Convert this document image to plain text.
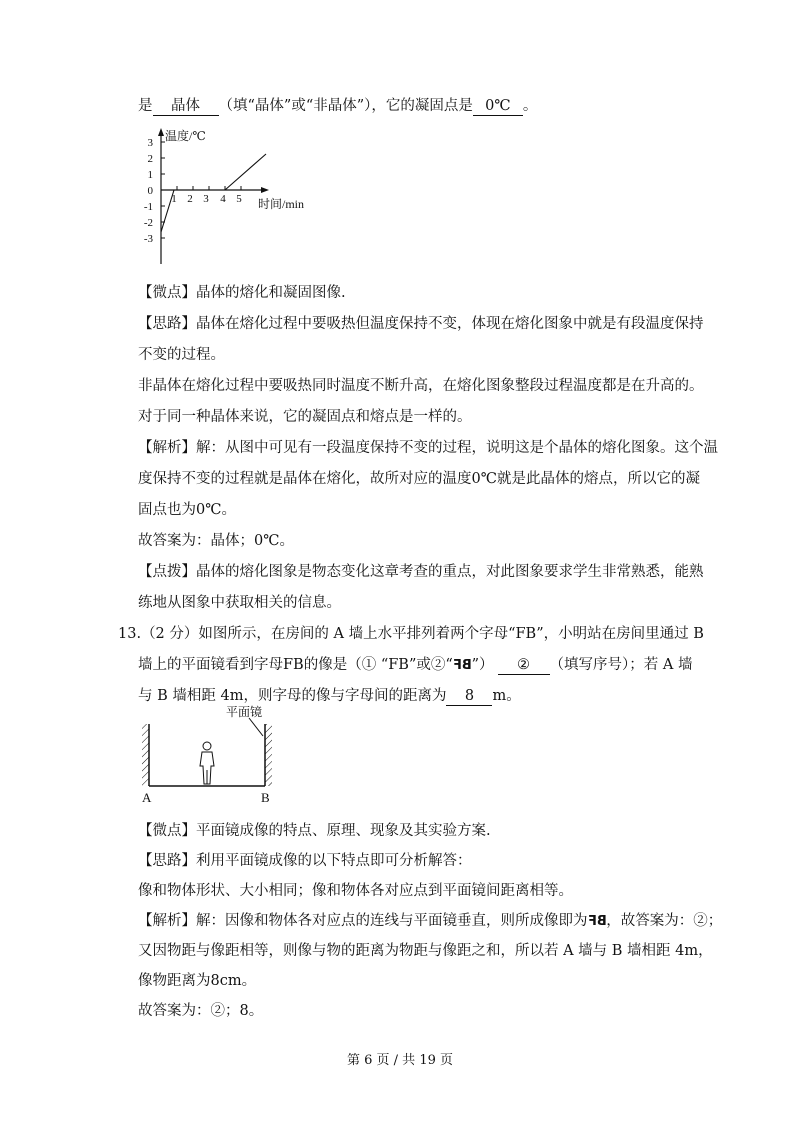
是 晶体 （填“晶体”或“非晶体”），它的凝固点是 0℃ 。
3
2
1
0
-1
-2
-3
1 2 3 4 5
温度/℃
时间/min
【微点】晶体的熔化和凝固图像.
【思路】晶体在熔化过程中要吸热但温度保持不变，体现在熔化图象中就是有段温度保持
不变的过程。
非晶体在熔化过程中要吸热同时温度不断升高，在熔化图象整段过程温度都是在升高的。
对于同一种晶体来说，它的凝固点和熔点是一样的。
【解析】解：从图中可见有一段温度保持不变的过程，说明这是个晶体的熔化图象。这个温
度保持不变的过程就是晶体在熔化，故所对应的温度0℃就是此晶体的熔点，所以它的凝
固点也为0℃。
故答案为：晶体；0℃。
【点拨】晶体的熔化图象是物态变化这章考查的重点，对此图象要求学生非常熟悉，能熟
练地从图象中获取相关的信息。
13.（2 分）如图所示，在房间的 A 墙上水平排列着两个字母“FB”，小明站在房间里通过 B
墙上的平面镜看到字母FB的像是（① “FB”或②“BF”） ② （填写序号）；若 A 墙
与 B 墙相距 4m，则字母的像与字母间的距离为 8 m。
平面镜
A	B
【微点】平面镜成像的特点、原理、现象及其实验方案.
【思路】利用平面镜成像的以下特点即可分析解答：
像和物体形状、大小相同；像和物体各对应点到平面镜间距离相等。
【解析】解：因像和物体各对应点的连线与平面镜垂直，则所成像即为BF，故答案为：②；
又因物距与像距相等，则像与物的距离为物距与像距之和，所以若 A 墙与 B 墙相距 4m，
像物距离为8cm。
故答案为：②；8。
第 6 页 / 共 19 页
